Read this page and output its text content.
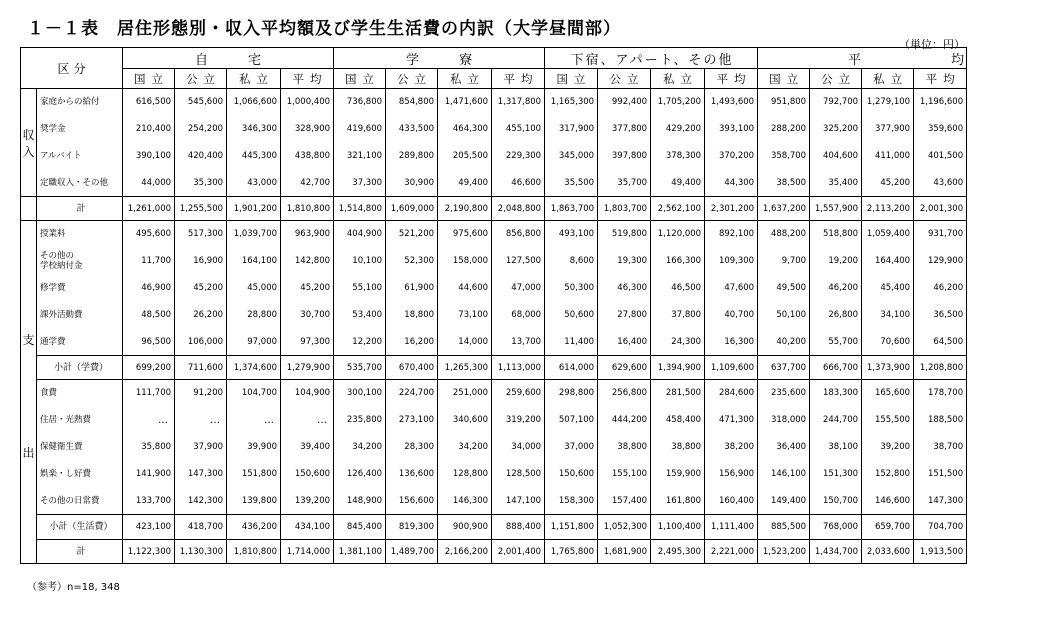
１－１表　居住形態別・収入平均額及び学生生活費の内訳（大学昼間部）
（単位：円）
区分		自宅				学寮				下宿、アパート、その他				平均			
		国立	公立	私立	平均	国立	公立	私立	平均	国立	公立	私立	平均	国立	公立	私立	平均

収
入	家庭からの給付	616,500	545,600	1,066,600	1,000,400	736,800	854,800	1,471,600	1,317,800	1,165,300	992,400	1,705,200	1,493,600	951,800	792,700	1,279,100	1,196,600
	奨学金	210,400	254,200	346,300	328,900	419,600	433,500	464,300	455,100	317,900	377,800	429,200	393,100	288,200	325,200	377,900	359,600
	アルバイト	390,100	420,400	445,300	438,800	321,100	289,800	205,500	229,300	345,000	397,800	378,300	370,200	358,700	404,600	411,000	401,500
	定職収入・その他	44,000	35,300	43,000	42,700	37,300	30,900	49,400	46,600	35,500	35,700	49,400	44,300	38,500	35,400	45,200	43,600
	計	1,261,000	1,255,500	1,901,200	1,810,800	1,514,800	1,609,000	2,190,800	2,048,800	1,863,700	1,803,700	2,562,100	2,301,200	1,637,200	1,557,900	2,113,200	2,001,300

支
出	授業料	495,600	517,300	1,039,700	963,900	404,900	521,200	975,600	856,800	493,100	519,800	1,120,000	892,100	488,200	518,800	1,059,400	931,700

	その他の
学校納付金	11,700	16,900	164,100	142,800	10,100	52,300	158,000	127,500	8,600	19,300	166,300	109,300	9,700	19,200	164,400	129,900
	修学費	46,900	45,200	45,000	45,200	55,100	61,900	44,600	47,000	50,300	46,300	46,500	47,600	49,500	46,200	45,400	46,200
	課外活動費	48,500	26,200	28,800	30,700	53,400	18,800	73,100	68,000	50,600	27,800	37,800	40,700	50,100	26,800	34,100	36,500
	通学費	96,500	106,000	97,000	97,300	12,200	16,200	14,000	13,700	11,400	16,400	24,300	16,300	40,200	55,700	70,600	64,500
	小計（学費）	699,200	711,600	1,374,600	1,279,900	535,700	670,400	1,265,300	1,113,000	614,000	629,600	1,394,900	1,109,600	637,700	666,700	1,373,900	1,208,800
	食費	111,700	91,200	104,700	104,900	300,100	224,700	251,000	259,600	298,800	256,800	281,500	284,600	235,600	183,300	165,600	178,700
	住居・光熱費	…	…	…	…	235,800	273,100	340,600	319,200	507,100	444,200	458,400	471,300	318,000	244,700	155,500	188,500
	保健衛生費	35,800	37,900	39,900	39,400	34,200	28,300	34,200	34,000	37,000	38,800	38,800	38,200	36,400	38,100	39,200	38,700
	娯楽・し好費	141,900	147,300	151,800	150,600	126,400	136,600	128,800	128,500	150,600	155,100	159,900	156,900	146,100	151,300	152,800	151,500
	その他の日常費	133,700	142,300	139,800	139,200	148,900	156,600	146,300	147,100	158,300	157,400	161,800	160,400	149,400	150,700	146,600	147,300
	小計（生活費）	423,100	418,700	436,200	434,100	845,400	819,300	900,900	888,400	1,151,800	1,052,300	1,100,400	1,111,400	885,500	768,000	659,700	704,700
	計	1,122,300	1,130,300	1,810,800	1,714,000	1,381,100	1,489,700	2,166,200	2,001,400	1,765,800	1,681,900	2,495,300	2,221,000	1,523,200	1,434,700	2,033,600	1,913,500
（参考）n=18, 348
